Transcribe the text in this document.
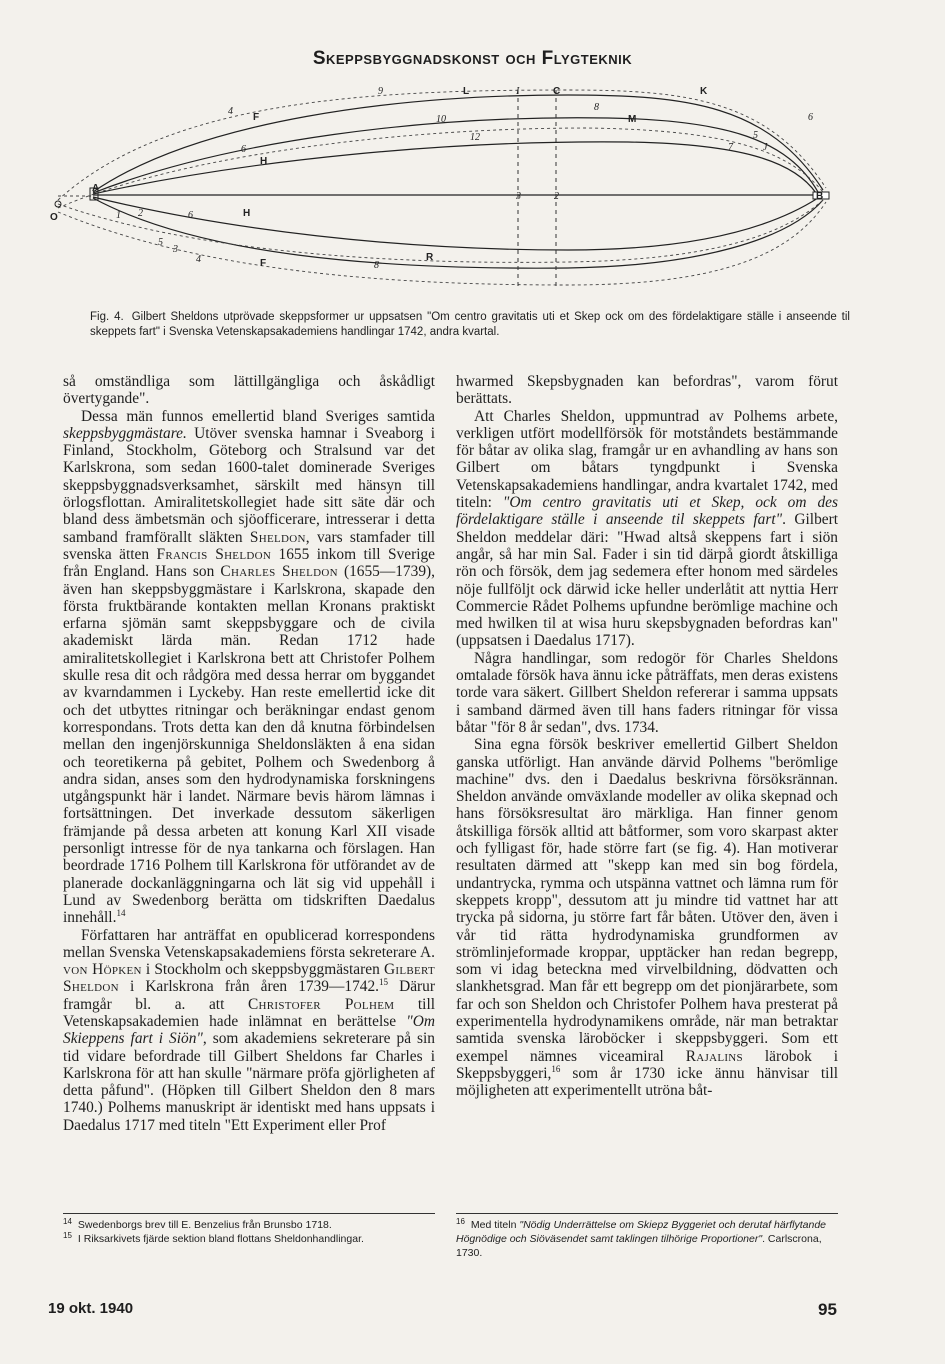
Skeppsbyggnadskonst och Flygteknik
9	L	I	C	K
4
F	10
12
8
M	6
5
6
H
7	J
A
3	2	B
O	1 2	6	H
5
3
4	R
F	8
Fig. 4. Gilbert Sheldons utprövade skeppsformer ur uppsatsen "Om centro gravitatis uti et Skep ock om des fördelaktigare ställe i anseende til skeppets fart" i Svenska Vetenskapsakademiens handlingar 1742, andra kvartal.

så omständliga som lättillgängliga och åskådligt övertygande".

Dessa män funnos emellertid bland Sveriges samtida skeppsbyggmästare. Utöver svenska hamnar i Sveaborg i Finland, Stockholm, Göteborg och Stralsund var det Karlskrona, som sedan 1600-talet dominerade Sveriges skeppsbyggnadsverksamhet, särskilt med hänsyn till örlogsflottan. Amiralitetskollegiet hade sitt säte där och bland dess ämbetsmän och sjöofficerare, intresserar i detta samband framförallt släkten Sheldon, vars stamfader till svenska ätten Francis Sheldon 1655 inkom till Sverige från England. Hans son Charles Sheldon (1655—1739), även han skeppsbyggmästare i Karlskrona, skapade den första fruktbärande kontakten mellan Kronans praktiskt erfarna sjömän samt skeppsbyggare och de civila akademiskt lärda män. Redan 1712 hade amiralitetskollegiet i Karlskrona bett att Christofer Polhem skulle resa dit och rådgöra med dessa herrar om byggandet av kvarndammen i Lyckeby. Han reste emellertid icke dit och det utbyttes ritningar och beräkningar endast genom korrespondans. Trots detta kan den då knutna förbindelsen mellan den ingenjörskunniga Sheldonsläkten å ena sidan och teoretikerna på gebitet, Polhem och Swedenborg å andra sidan, anses som den hydrodynamiska forskningens utgångspunkt här i landet. Närmare bevis härom lämnas i fortsättningen. Det inverkade dessutom säkerligen främjande på dessa arbeten att konung Karl XII visade personligt intresse för de nya tankarna och förslagen. Han beordrade 1716 Polhem till Karlskrona för utförandet av de planerade dockanläggningarna och lät sig vid uppehåll i Lund av Swedenborg berätta om tidskriften Daedalus innehåll.$^{14}$

Författaren har anträffat en opublicerad korrespondens mellan Svenska Vetenskapsakademiens första sekreterare A. von Höpken i Stockholm och skeppsbyggmästaren Gilbert Sheldon i Karlskrona från åren 1739—1742.15 Därur framgår bl. a. att Christofer Polhem till Vetenskapsakademien hade inlämnat en berättelse "Om Skieppens fart i Siön", som akademiens sekreterare på sin tid vidare befordrade till Gilbert Sheldons far Charles i Karlskrona för att han skulle "närmare pröfa gjörligheten af detta påfund". (Höpken till Gilbert Sheldon den 8 mars 1740.) Polhems manuskript är identiskt med hans uppsats i Daedalus 1717 med titeln "Ett Experiment eller Prof

hwarmed Skepsbygnaden kan befordras", varom förut berättats.

Att Charles Sheldon, uppmuntrad av Polhems arbete, verkligen utfört modellförsök för motståndets bestämmande för båtar av olika slag, framgår ur en avhandling av hans son Gilbert om båtars tyngdpunkt i Svenska Vetenskapsakademiens handlingar, andra kvartalet 1742, med titeln: "Om centro gravitatis uti et Skep, ock om des fördelaktigare ställe i anseende til skeppets fart". Gilbert Sheldon meddelar däri: "Hwad altså skeppens fart i siön angår, så har min Sal. Fader i sin tid därpå giordt åtskilliga rön och försök, dem jag sedemera efter honom med särdeles nöje fullföljt ock därwid icke heller underlåtit att nyttia Herr Commercie Rådet Polhems upfundne berömlige machine och med hwilken til at wisa huru skepsbygnaden befordras kan" (uppsatsen i Daedalus 1717).

Några handlingar, som redogör för Charles Sheldons omtalade försök hava ännu icke påträffats, men deras existens torde vara säkert. Gillbert Sheldon refererar i samma uppsats i samband därmed även till hans faders ritningar för vissa båtar "för 8 år sedan", dvs. 1734.

Sina egna försök beskriver emellertid Gilbert Sheldon ganska utförligt. Han använde därvid Polhems "berömlige machine" dvs. den i Daedalus beskrivna försöksrännan. Sheldon använde omväxlande modeller av olika skepnad och hans försöksresultat äro märkliga. Han finner genom åtskilliga försök alltid att båtformer, som voro skarpast akter och fylligast för, hade större fart (se fig. 4). Han motiverar resultaten därmed att "skepp kan med sin bog fördela, undantrycka, rymma och utspänna vattnet och lämna rum för skeppets kropp", dessutom att ju mindre tid vattnet har att trycka på sidorna, ju större fart får båten. Utöver den, även i vår tid rätta hydrodynamiska grundformen av strömlinjeformade kroppar, upptäcker han redan begrepp, som vi idag beteckna med virvelbildning, dödvatten och slankhetsgrad. Man får ett begrepp om det pionjärarbete, som far och son Sheldon och Christofer Polhem hava presterat på experimentella hydrodynamikens område, när man betraktar samtida svenska läroböcker i skeppsbyggeri. Som ett exempel nämnes viceamiral Rajalins lärobok i Skeppsbyggeri,$^{16}$ som år 1730 icke ännu hänvisar till möjligheten att experimentellt utröna båt-

$^{14}$ Swedenborgs brev till E. Benzelius från Brunsbo 1718.

$^{15}$ I Riksarkivets fjärde sektion bland flottans Sheldonhandlingar.

$^{16}$ Med titeln "Nödig Underrättelse om Skiepz Byggeriet och derutaf härflytande Högnödige och Siöväsendet samt taklingen tilhörige Proportioner". Carlscrona, 1730.

19 okt. 1940	95
